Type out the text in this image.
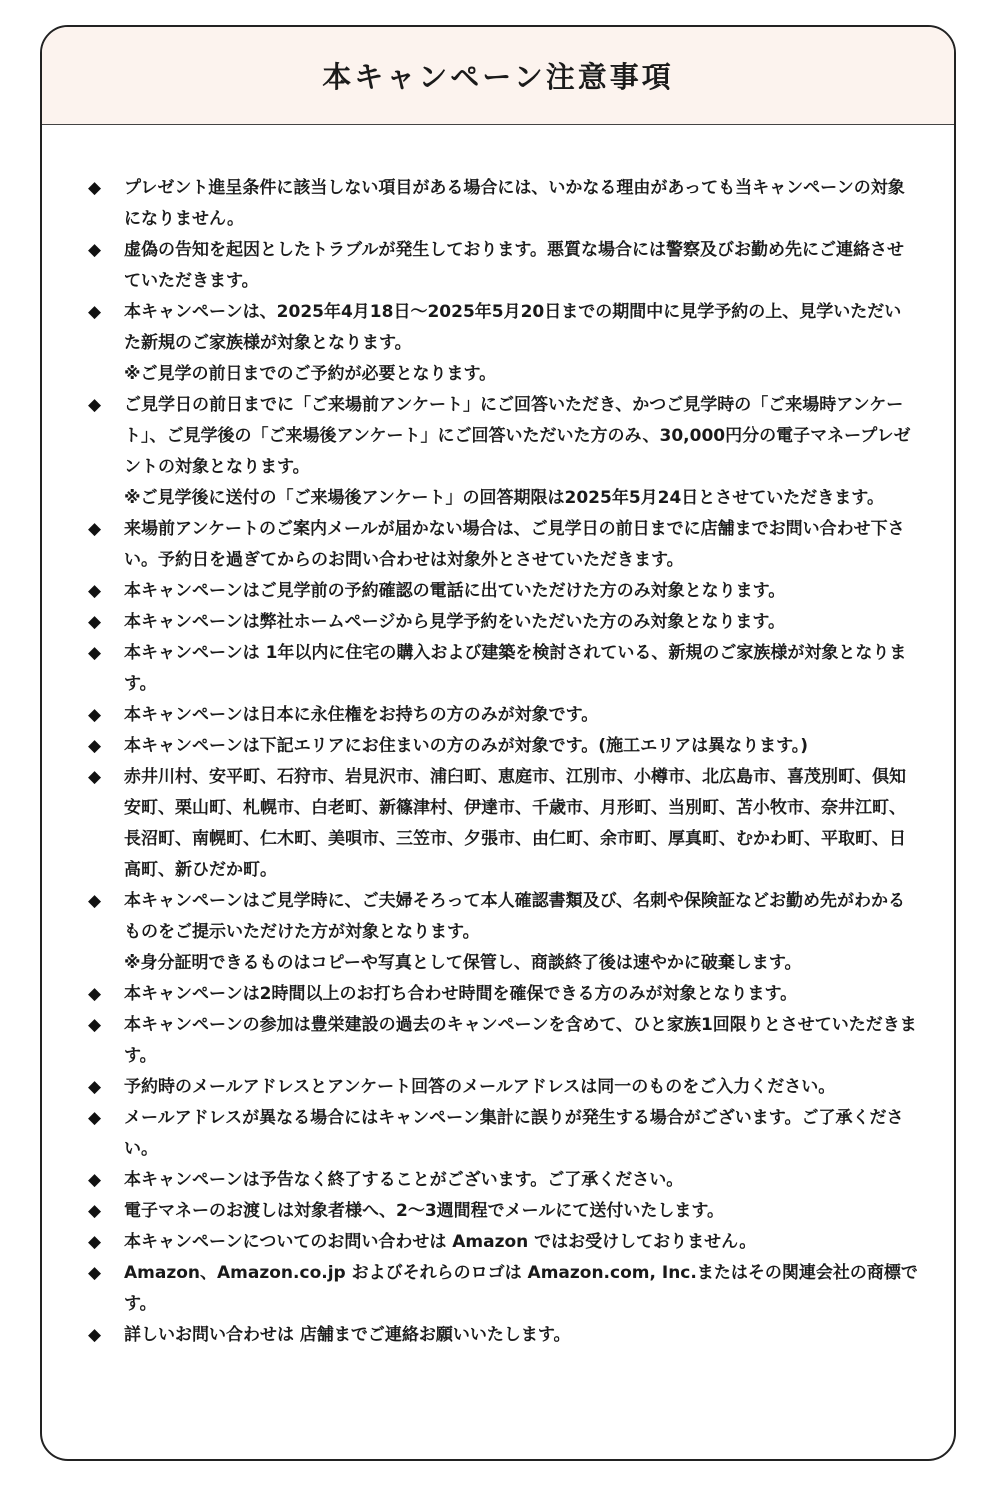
本キャンペーン注意事項
◆	プレゼント進呈条件に該当しない項目がある場合には、いかなる理由があっても当キャンペーンの対象になりません。
◆	虚偽の告知を起因としたトラブルが発生しております。悪質な場合には警察及びお勤め先にご連絡させていただきます。
◆	本キャンペーンは、2025年4月18日〜2025年5月20日までの期間中に見学予約の上、見学いただいた新規のご家族様が対象となります。
※ご見学の前日までのご予約が必要となります。
◆	ご見学日の前日までに「ご来場前アンケート」にご回答いただき、かつご見学時の「ご来場時アンケート」、ご見学後の「ご来場後アンケート」にご回答いただいた方のみ、30,000円分の電子マネープレゼントの対象となります。
※ご見学後に送付の「ご来場後アンケート」の回答期限は2025年5月24日とさせていただきます。
◆	来場前アンケートのご案内メールが届かない場合は、ご見学日の前日までに店舗までお問い合わせ下さい。予約日を過ぎてからのお問い合わせは対象外とさせていただきます。
◆	本キャンペーンはご見学前の予約確認の電話に出ていただけた方のみ対象となります。
◆	本キャンペーンは弊社ホームページから見学予約をいただいた方のみ対象となります。
◆	本キャンペーンは 1年以内に住宅の購入および建築を検討されている、新規のご家族様が対象となります。
◆	本キャンペーンは日本に永住権をお持ちの方のみが対象です。
◆	本キャンペーンは下記エリアにお住まいの方のみが対象です。(施工エリアは異なります。)
◆	赤井川村、安平町、石狩市、岩見沢市、浦臼町、恵庭市、江別市、小樽市、北広島市、喜茂別町、倶知安町、栗山町、札幌市、白老町、新篠津村、伊達市、千歳市、月形町、当別町、苫小牧市、奈井江町、長沼町、南幌町、仁木町、美唄市、三笠市、夕張市、由仁町、余市町、厚真町、むかわ町、平取町、日高町、新ひだか町。
◆	本キャンペーンはご見学時に、ご夫婦そろって本人確認書類及び、名刺や保険証などお勤め先がわかるものをご提示いただけた方が対象となります。
※身分証明できるものはコピーや写真として保管し、商談終了後は速やかに破棄します。
◆	本キャンペーンは2時間以上のお打ち合わせ時間を確保できる方のみが対象となります。
◆	本キャンペーンの参加は豊栄建設の過去のキャンペーンを含めて、ひと家族1回限りとさせていただきます。
◆	予約時のメールアドレスとアンケート回答のメールアドレスは同一のものをご入力ください。
◆	メールアドレスが異なる場合にはキャンペーン集計に誤りが発生する場合がございます。ご了承ください。
◆	本キャンペーンは予告なく終了することがございます。ご了承ください。
◆	電子マネーのお渡しは対象者様へ、2〜3週間程でメールにて送付いたします。
◆	本キャンペーンについてのお問い合わせは Amazon ではお受けしておりません。
◆	Amazon、Amazon.co.jp およびそれらのロゴは Amazon.com, Inc.またはその関連会社の商標です。
◆	詳しいお問い合わせは 店舗までご連絡お願いいたします。
